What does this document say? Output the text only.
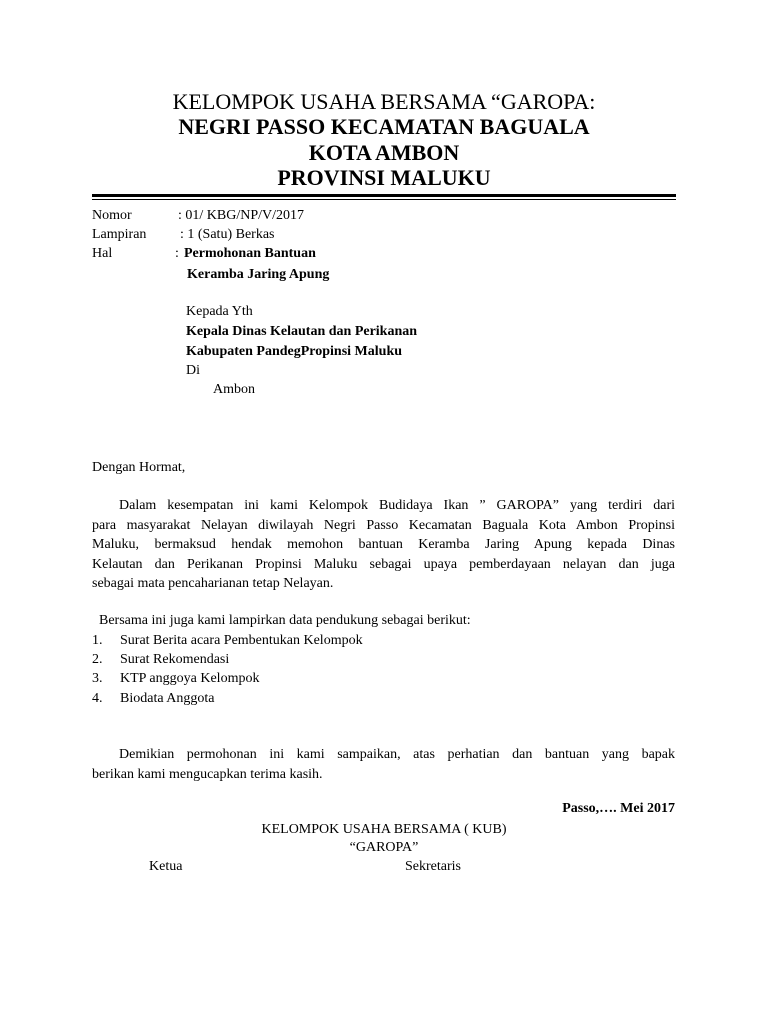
KELOMPOK USAHA BERSAMA “GAROPA:
NEGRI PASSO KECAMATAN BAGUALA
KOTA AMBON
PROVINSI MALUKU
Nomor	: 01/ KBG/NP/V/2017
Lampiran : 1 (Satu) Berkas
Hal	: Permohonan Bantuan
Keramba Jaring Apung
Kepada Yth
Kepala Dinas Kelautan dan Perikanan
Kabupaten PandegPropinsi Maluku
Di
Ambon
Dengan Hormat,
Dalam kesempatan ini kami Kelompok Budidaya Ikan ” GAROPA” yang terdiri dari
para masyarakat Nelayan diwilayah Negri Passo Kecamatan Baguala Kota Ambon Propinsi
Maluku, bermaksud hendak memohon bantuan Keramba Jaring Apung kepada Dinas
Kelautan dan Perikanan Propinsi Maluku sebagai upaya pemberdayaan nelayan dan juga
sebagai mata pencaharianan tetap Nelayan.
Bersama ini juga kami lampirkan data pendukung sebagai berikut:
1. Surat Berita acara Pembentukan Kelompok
2. Surat Rekomendasi
3. KTP anggoya Kelompok
4. Biodata Anggota
Demikian permohonan ini kami sampaikan, atas perhatian dan bantuan yang bapak
berikan kami mengucapkan terima kasih.
Passo,…. Mei 2017
KELOMPOK USAHA BERSAMA ( KUB)
“GAROPA”
Ketua	Sekretaris
